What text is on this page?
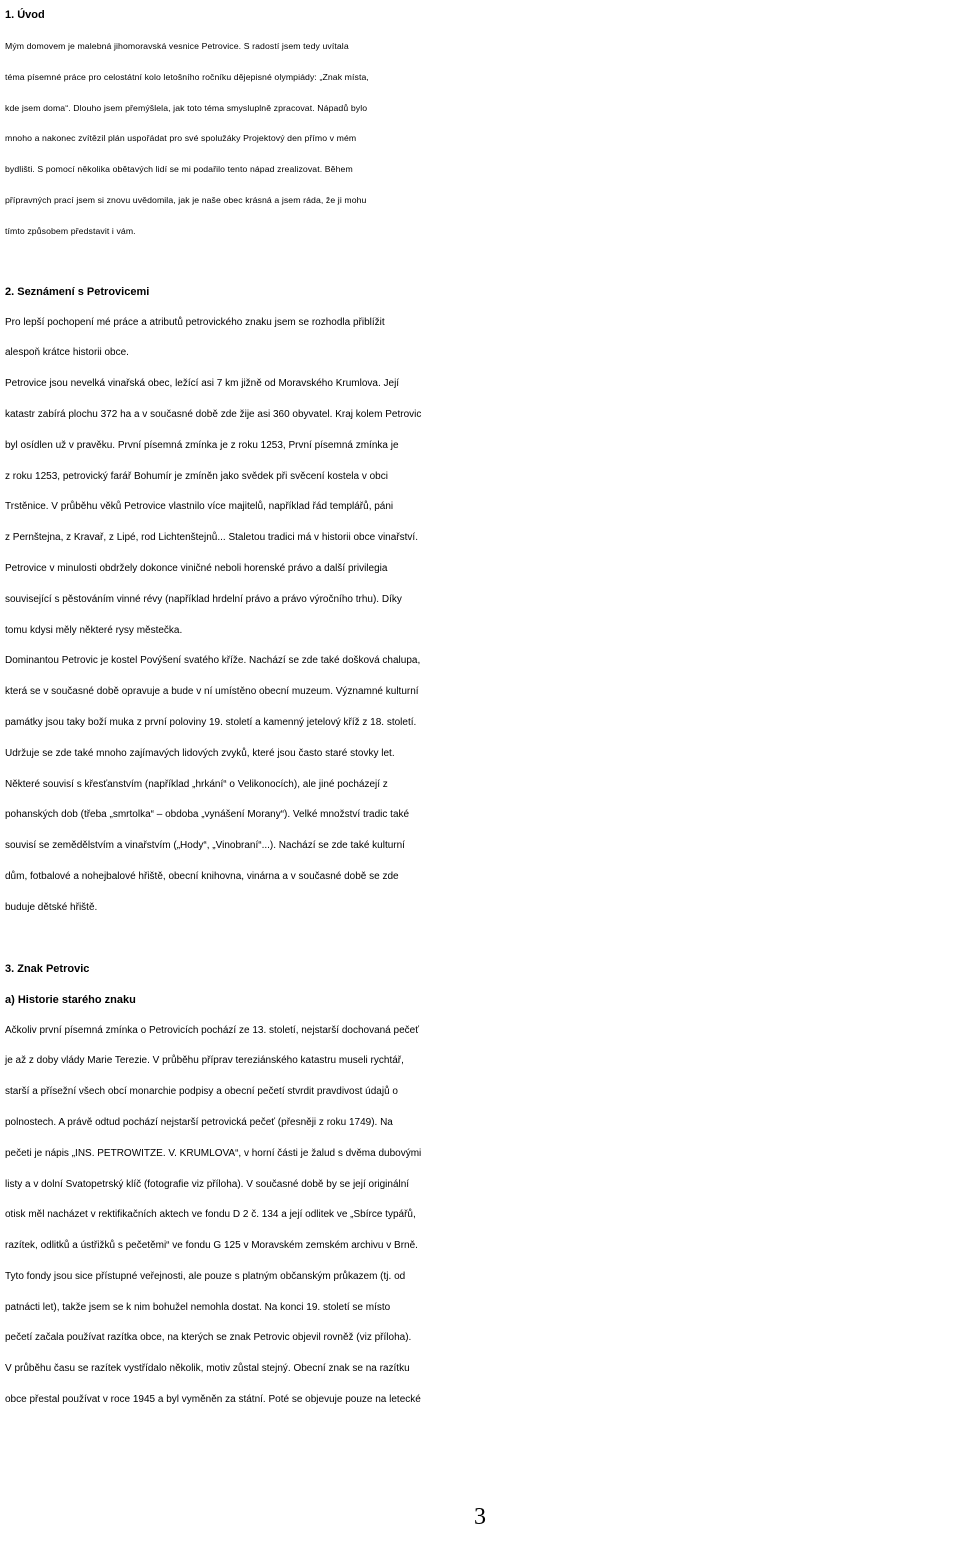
1. Úvod
Mým domovem je malebná jihomoravská vesnice Petrovice. S radostí jsem tedy uvítala
téma písemné práce pro celostátní kolo letošního ročníku dějepisné olympiády: „Znak místa,
kde jsem doma“. Dlouho jsem přemýšlela, jak toto téma smysluplně zpracovat. Nápadů bylo
mnoho a nakonec zvítězil plán uspořádat pro své spolužáky Projektový den přímo v mém
bydlišti. S pomocí několika obětavých lidí se mi podařilo tento nápad zrealizovat. Během
přípravných prací jsem si znovu uvědomila, jak je naše obec krásná a jsem ráda, že ji mohu
tímto způsobem představit i vám.
2. Seznámení s Petrovicemi
Pro lepší pochopení mé práce a atributů petrovického znaku jsem se rozhodla přiblížit
alespoň krátce historii obce.
Petrovice jsou nevelká vinařská obec, ležící asi 7 km jižně od Moravského Krumlova. Její
katastr zabírá plochu 372 ha a v současné době zde žije asi 360 obyvatel. Kraj kolem Petrovic
byl osídlen už v pravěku. První písemná zmínka je z roku 1253, První písemná zmínka je
z roku 1253, petrovický farář Bohumír je zmíněn jako svědek při svěcení kostela v obci
Trstěnice. V průběhu věků Petrovice vlastnilo více majitelů, například řád templářů, páni
z Pernštejna, z Kravař, z Lipé, rod Lichtenštejnů... Staletou tradici má v historii obce vinařství.
Petrovice v minulosti obdržely dokonce viničné neboli horenské právo a další privilegia
související s pěstováním vinné révy (například hrdelní právo a právo výročního trhu). Díky
tomu kdysi měly některé rysy městečka.
Dominantou Petrovic je kostel Povýšení svatého kříže. Nachází se zde také došková chalupa,
která se v současné době opravuje a bude v ní umístěno obecní muzeum. Významné kulturní
památky jsou taky boží muka z první poloviny 19. století a kamenný jetelový kříž z 18. století.
Udržuje se zde také mnoho zajímavých lidových zvyků, které jsou často staré stovky let.
Některé souvisí s křesťanstvím (například „hrkání“ o Velikonocích), ale jiné pocházejí z
pohanských dob (třeba „smrtolka“ – obdoba „vynášení Morany“). Velké množství tradic také
souvisí se zemědělstvím a vinařstvím („Hody“, „Vinobraní“...). Nachází se zde také kulturní
dům, fotbalové a nohejbalové hřiště, obecní knihovna, vinárna a v současné době se zde
buduje dětské hřiště.
3. Znak Petrovic
a) Historie starého znaku
Ačkoliv první písemná zmínka o Petrovicích pochází ze 13. století, nejstarší dochovaná pečeť
je až z doby vlády Marie Terezie. V průběhu příprav tereziánského katastru museli rychtář,
starší a přísežní všech obcí monarchie podpisy a obecní pečetí stvrdit pravdivost údajů o
polnostech. A právě odtud pochází nejstarší petrovická pečeť (přesněji z roku 1749). Na
pečeti je nápis „INS. PETROWITZE. V. KRUMLOVA“, v horní části je žalud s dvěma dubovými
listy a v dolní Svatopetrský klíč (fotografie viz příloha). V současné době by se její originální
otisk měl nacházet v rektifikačních aktech ve fondu D 2 č. 134 a její odlitek ve „Sbírce typářů,
razítek, odlitků a ústřižků s pečetěmi“ ve fondu G 125 v Moravském zemském archivu v Brně.
Tyto fondy jsou sice přístupné veřejnosti, ale pouze s platným občanským průkazem (tj. od
patnácti let), takže jsem se k nim bohužel nemohla dostat. Na konci 19. století se místo
pečetí začala používat razítka obce, na kterých se znak Petrovic objevil rovněž (viz příloha).
V průběhu času se razítek vystřídalo několik, motiv zůstal stejný. Obecní znak se na razítku
obce přestal používat v roce 1945 a byl vyměněn za státní. Poté se objevuje pouze na letecké
3
